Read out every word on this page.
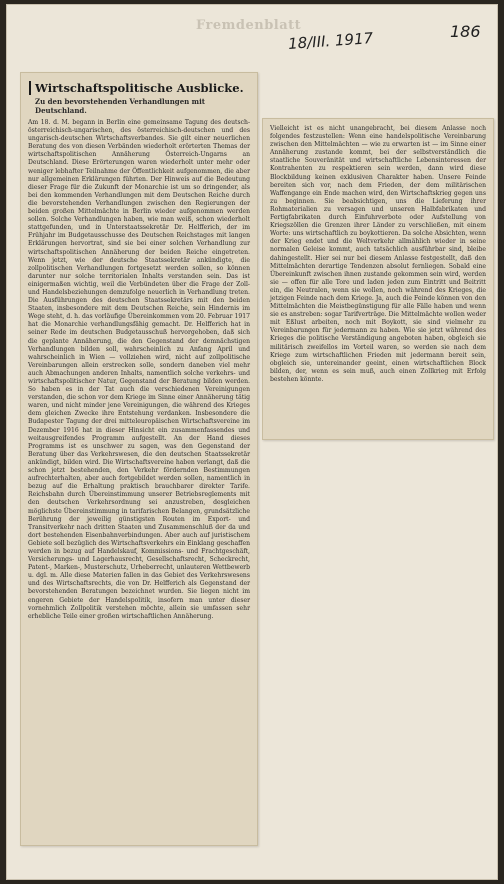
Fremdenblatt
18/III. 1917	186
Wirtschaftspolitische Ausblicke.
Zu den bevorstehenden Verhandlungen mit Deutschland.
Am 18. d. M. begann in Berlin eine gemeinsame Tagung des deutsch-österreichisch-ungarischen, des österreichisch-deutschen und des ungarisch-deutschen Wirtschaftsverbandes. Sie gilt einer neuerlichen Beratung des von diesen Verbänden wiederholt erörterten Themas der wirtschaftspolitischen Annäherung Österreich-Ungarns an Deutschland. Diese Erörterungen waren wiederholt unter mehr oder weniger lebhafter Teilnahme der Öffentlichkeit aufgenommen, die aber nur allgemeinen Erklärungen führten. Der Hinweis auf die Bedeutung dieser Frage für die Zukunft der Monarchie ist um so dringender, als bei den kommenden Verhandlungen mit dem Deutschen Reiche durch die bevorstehenden Verhandlungen zwischen den Regierungen der beiden großen Mittelmächte in Berlin wieder aufgenommen werden sollen. Solche Verhandlungen haben, wie man weiß, schon wiederholt stattgefunden, und in Unterstaatssekretär Dr. Helfferich, der im Frühjahr im Budgetausschusse des Deutschen Reichstages mit langen Erklärungen hervortrat, sind sie bei einer solchen Verhandlung zur wirtschaftspolitischen Annäherung der beiden Reiche eingetreten. Wenn jetzt, wie der deutsche Staatssekretär ankündigte, die zollpolitischen Verhandlungen fortgesetzt werden sollen, so können darunter nur solche territorialen Inhalts verstanden sein. Das ist einigermaßen wichtig, weil die Verbündeten über die Frage der Zoll- und Handelsbeziehungen demzufolge neuerlich in Verhandlung treten. Die Ausführungen des deutschen Staatssekretärs mit den beiden Staaten, insbesondere mit dem Deutschen Reiche, sein Hindernis im Wege steht, d. h. das vorläufige Übereinkommen vom 20. Februar 1917 hat die Monarchie verhandlungsfähig gemacht. Dr. Helfferich hat in seiner Rede im deutschen Budgetausschuß hervorgehoben, daß sich die geplante Annäherung, die den Gegenstand der demnächstigen Verhandlungen bilden soll, wahrscheinlich zu Anfang April und wahrscheinlich in Wien — vollziehen wird, nicht auf zollpolitische Vereinbarungen allein erstrecken solle, sondern daneben viel mehr auch Abmachungen anderen Inhalts, namentlich solche verkehrs- und wirtschaftspolitischer Natur, Gegenstand der Beratung bilden werden. So haben es in der Tat auch die verschiedenen Vereinigungen verstanden, die schon vor dem Kriege im Sinne einer Annäherung tätig waren, und nicht minder jene Vereinigungen, die während des Krieges dem gleichen Zwecke ihre Entstehung verdanken. Insbesondere die Budapester Tagung der drei mitteleuropäischen Wirtschaftsvereine im Dezember 1916 hat in dieser Hinsicht ein zusammenfassendes und weitausgreifendes Programm aufgestellt. An der Hand dieses Programms ist es unschwer zu sagen, was den Gegenstand der Beratung über das Verkehrswesen, die den deutschen Staatssekretär ankündigt, bilden wird. Die Wirtschaftsvereine haben verlangt, daß die schon jetzt bestehenden, den Verkehr fördernden Bestimmungen aufrechterhalten, aber auch fortgebildet werden sollen, namentlich in bezug auf die Erhaltung praktisch brauchbarer direkter Tarife. Reichsbahn durch Übereinstimmung unserer Betriebsreglements mit den deutschen Verkehrsordnung sei anzustreben, desgleichen möglichste Übereinstimmung in tarifarischen Belangen, grundsätzliche Berührung der jeweilig günstigsten Routen im Export- und Transitverkehr nach dritten Staaten und Zusammenschluß der da und dort bestehenden Eisenbahnverbindungen. Aber auch auf juristischem Gebiete soll bezüglich des Wirtschaftsverkehrs ein Einklang geschaffen werden in bezug auf Handelskauf, Kommissions- und Frachtgeschäft, Versicherungs- und Lagerhausrecht, Gesellschaftsrecht, Scheckrecht, Patent-, Marken-, Musterschutz, Urheberrecht, unlauteren Wettbewerb u. dgl. m. Alle diese Materien fallen in das Gebiet des Verkehrswesens und des Wirtschaftsrechts, die von Dr. Helfferich als Gegenstand der bevorstehenden Beratungen bezeichnet wurden. Sie liegen nicht im engeren Gebiete der Handelspolitik, insofern man unter dieser vornehmlich Zollpolitik verstehen möchte, allein sie umfassen sehr erhebliche Teile einer großen wirtschaftlichen Annäherung.
Vielleicht ist es nicht unangebracht, bei diesem Anlasse noch folgendes festzustellen: Wenn eine handelspolitische Vereinbarung zwischen den Mittelmächten — wie zu erwarten ist — im Sinne einer Annäherung zustande kommt, bei der selbstverständlich die staatliche Souveränität und wirtschaftliche Lebensinteressen der Kontrahenten zu respektieren sein werden, dann wird diese Blockbildung keinen exklusiven Charakter haben. Unsere Feinde bereiten sich vor, nach dem Frieden, der dem militärischen Waffengange ein Ende machen wird, den Wirtschaftskrieg gegen uns zu beginnen. Sie beabsichtigen, uns die Lieferung ihrer Rohmaterialien zu versagen und unseren Halbfabrikaten und Fertigfabrikaten durch Einfuhrverbote oder Aufstellung von Kriegszöllen die Grenzen ihrer Länder zu verschließen, mit einem Worte: uns wirtschaftlich zu boykottieren. Da solche Absichten, wenn der Krieg endet und die Weltverkehr allmählich wieder in seine normalen Geleise kommt, auch tatsächlich ausführbar sind, bleibe dahingestellt. Hier sei nur bei diesem Anlasse festgestellt, daß den Mittelmächten derartige Tendenzen absolut fernliegen. Sobald eine Übereinkunft zwischen ihnen zustande gekommen sein wird, werden sie — offen für alle Tore und laden jeden zum Eintritt und Beitritt ein, die Neutralen, wenn sie wollen, noch während des Krieges, die jetzigen Feinde nach dem Kriege. Ja, auch die Feinde können von den Mittelmächten die Meistbegünstigung für alle Fälle haben und wenn sie es anstreben: sogar Tarifverträge. Die Mittelmächte wollen weder mit Eßlust arbeiten, noch mit Boykott, sie sind vielmehr zu Vereinbarungen für jedermann zu haben. Wie sie jetzt während des Krieges die politische Verständigung angeboten haben, obgleich sie militärisch zweifellos im Vorteil waren, so werden sie nach dem Kriege zum wirtschaftlichen Frieden mit jedermann bereit sein, obgleich sie, untereinander geeint, einen wirtschaftlichen Block bilden, der, wenn es sein muß, auch einen Zollkrieg mit Erfolg bestehen könnte.
